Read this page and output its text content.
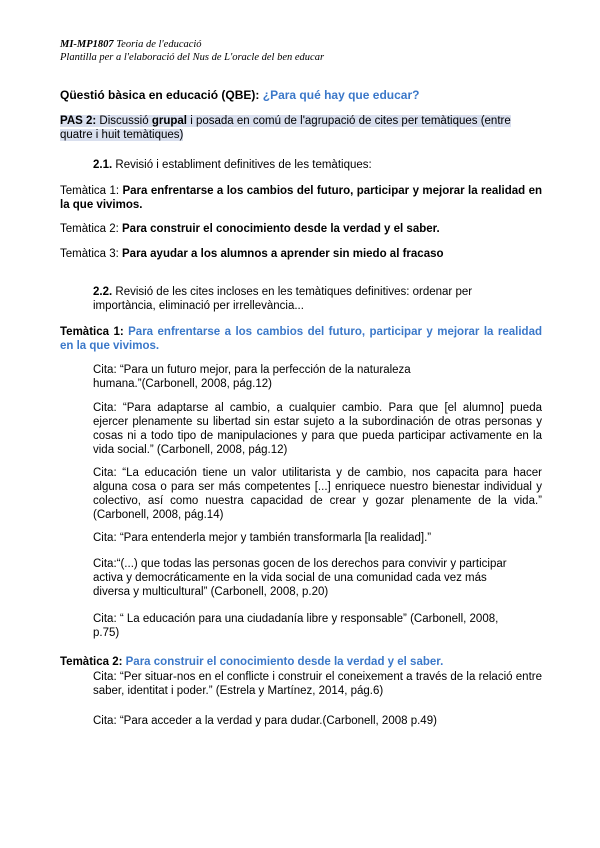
MI-MP1807 Teoria de l'educació
Plantilla per a l'elaboració del Nus de L'oracle del ben educar
Qüestió bàsica en educació (QBE): ¿Para qué hay que educar?
PAS 2: Discussió grupal i posada en comú de l'agrupació de cites per temàtiques (entre quatre i huit temàtiques)
2.1. Revisió i establiment definitives de les temàtiques:
Temàtica 1: Para enfrentarse a los cambios del futuro, participar y mejorar la realidad en la que vivimos.
Temàtica 2: Para construir el conocimiento desde la verdad y el saber.
Temàtica 3: Para ayudar a los alumnos a aprender sin miedo al fracaso
2.2. Revisió de les cites incloses en les temàtiques definitives: ordenar per importància, eliminació per irrellevància...
Temàtica 1: Para enfrentarse a los cambios del futuro, participar y mejorar la realidad en la que vivimos.
Cita: “Para un futuro mejor, para la perfección de la naturaleza humana.”(Carbonell, 2008, pág.12)
Cita: “Para adaptarse al cambio, a cualquier cambio. Para que [el alumno] pueda ejercer plenamente su libertad sin estar sujeto a la subordinación de otras personas y cosas ni a todo tipo de manipulaciones y para que pueda participar activamente en la vida social.” (Carbonell, 2008, pág.12)
Cita: “La educación tiene un valor utilitarista y de cambio, nos capacita para hacer alguna cosa o para ser más competentes [...] enriquece nuestro bienestar individual y colectivo, así como nuestra capacidad de crear y gozar plenamente de la vida.” (Carbonell, 2008, pág.14)
Cita: “Para entenderla mejor y también transformarla [la realidad].”
Cita:“(...) que todas las personas gocen de los derechos para convivir y participar activa y democráticamente en la vida social de una comunidad cada vez más diversa y multicultural” (Carbonell, 2008, p.20)
Cita: “ La educación para una ciudadanía libre y responsable” (Carbonell, 2008, p.75)
Temàtica 2: Para construir el conocimiento desde la verdad y el saber.
Cita: “Per situar-nos en el conflicte i construir el coneixement a través de la relació entre saber, identitat i poder.” (Estrela y Martínez, 2014, pág.6)
Cita: “Para acceder a la verdad y para dudar.(Carbonell, 2008 p.49)
